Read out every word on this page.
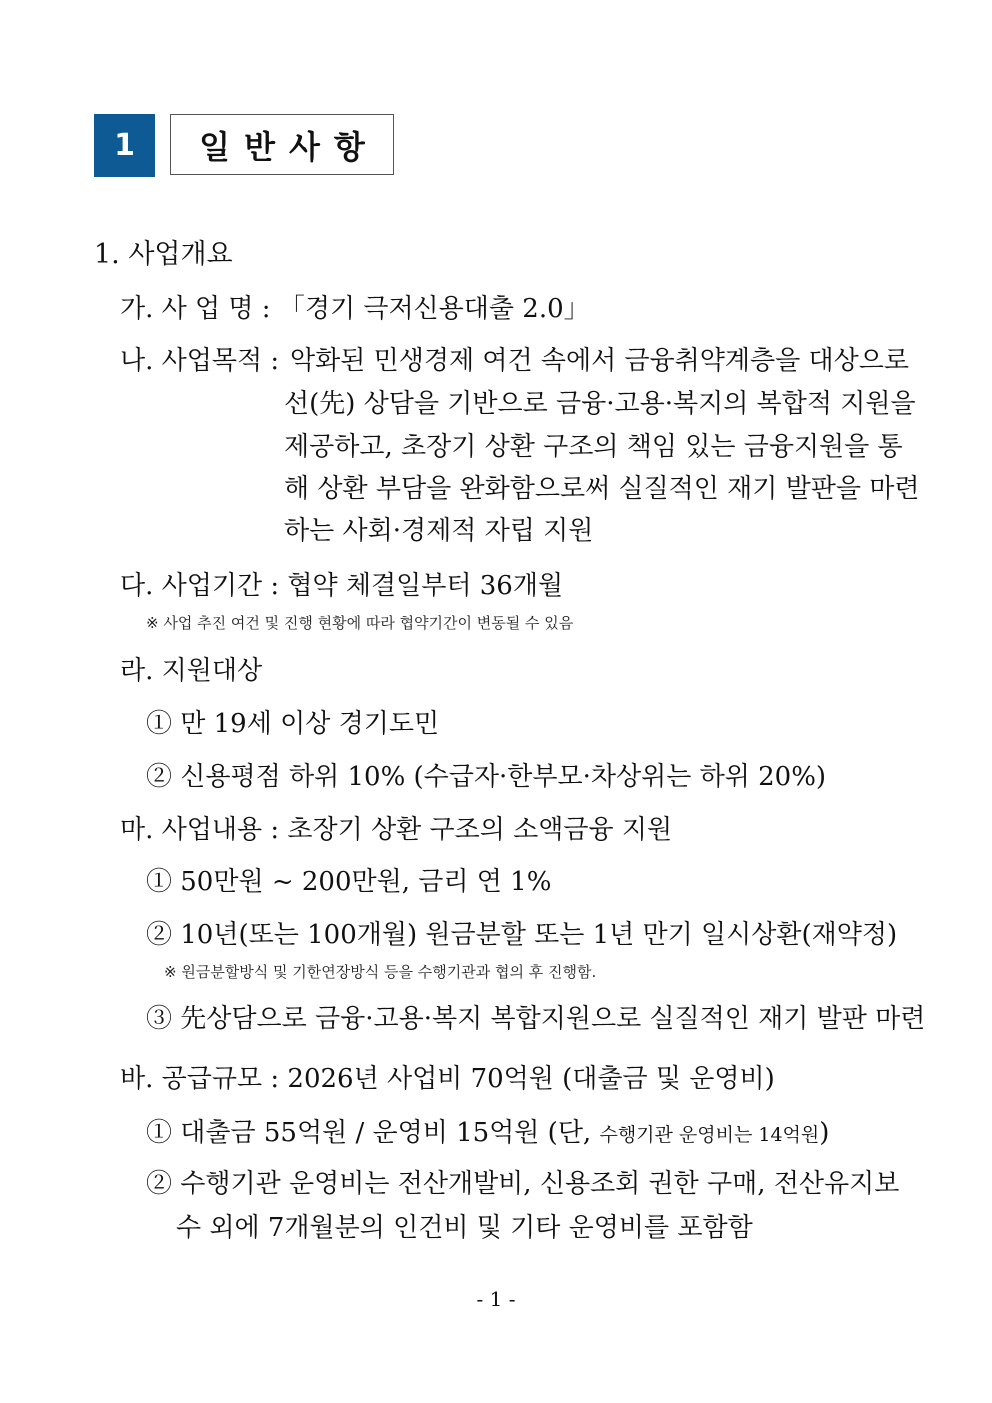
1	일반사항
1. 사업개요
가. 사 업 명 : 「경기 극저신용대출 2.0」
나. 사업목적 : 악화된 민생경제 여건 속에서 금융취약계층을 대상으로
선(先) 상담을 기반으로 금융·고용·복지의 복합적 지원을
제공하고, 초장기 상환 구조의 책임 있는 금융지원을 통
해 상환 부담을 완화함으로써 실질적인 재기 발판을 마련
하는 사회·경제적 자립 지원
다. 사업기간 : 협약 체결일부터 36개월
※ 사업 추진 여건 및 진행 현황에 따라 협약기간이 변동될 수 있음
라. 지원대상
① 만 19세 이상 경기도민
② 신용평점 하위 10% (수급자·한부모·차상위는 하위 20%)
마. 사업내용 : 초장기 상환 구조의 소액금융 지원
① 50만원 ~ 200만원, 금리 연 1%
② 10년(또는 100개월) 원금분할 또는 1년 만기 일시상환(재약정)
※ 원금분할방식 및 기한연장방식 등을 수행기관과 협의 후 진행함.
③ 先상담으로 금융·고용·복지 복합지원으로 실질적인 재기 발판 마련
바. 공급규모 : 2026년 사업비 70억원 (대출금 및 운영비)
① 대출금 55억원 / 운영비 15억원 (단, 수행기관 운영비는 14억원)
② 수행기관 운영비는 전산개발비, 신용조회 권한 구매, 전산유지보
수 외에 7개월분의 인건비 및 기타 운영비를 포함함
- 1 -
